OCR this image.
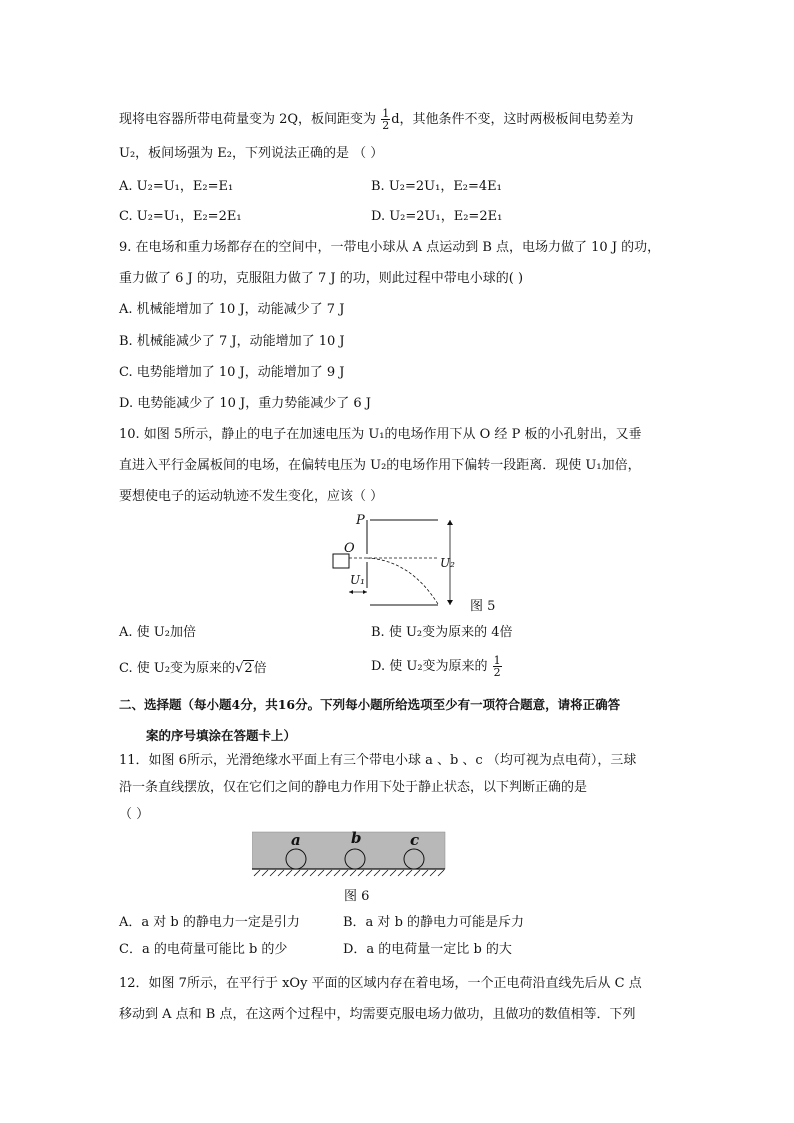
现将电容器所带电荷量变为 2Q，板间距变为 $\frac{1}{2}$ d，其他条件不变，这时两极板间电势差为
U₂，板间场强为 E₂，下列说法正确的是 （ ）
A. U₂=U₁，E₂=E₁	B. U₂=2U₁，E₂=4E₁
C. U₂=U₁，E₂=2E₁	D. U₂=2U₁，E₂=2E₁
9. 在电场和重力场都存在的空间中，一带电小球从 A 点运动到 B 点，电场力做了 10 J 的功，
重力做了 6 J 的功，克服阻力做了 7 J 的功，则此过程中带电小球的( )
A. 机械能增加了 10 J，动能减少了 7 J
B. 机械能减少了 7 J，动能增加了 10 J
C. 电势能增加了 10 J，动能增加了 9 J
D. 电势能减少了 10 J，重力势能减少了 6 J
10. 如图 5所示，静止的电子在加速电压为 U₁的电场作用下从 O 经 P 板的小孔射出，又垂
直进入平行金属板间的电场，在偏转电压为 U₂的电场作用下偏转一段距离．现使 U₁加倍，
要想使电子的运动轨迹不发生变化，应该（ ）
P
O
U₁
U₂
图 5
A. 使 U₂加倍	B. 使 U₂变为原来的 4倍
C. 使 U₂变为原来的√2倍	D. 使 U₂变为原来的 $\frac{1}{2}$
二、选择题（每小题4分，共16分。下列每小题所给选项至少有一项符合题意，请将正确答
案的序号填涂在答题卡上）
11．如图 6所示，光滑绝缘水平面上有三个带电小球 a 、b 、c （均可视为点电荷），三球
沿一条直线摆放，仅在它们之间的静电力作用下处于静止状态，以下判断正确的是
（ ）
a	b	c
图 6
A．a 对 b 的静电力一定是引力	B．a 对 b 的静电力可能是斥力
C．a 的电荷量可能比 b 的少	D．a 的电荷量一定比 b 的大
12．如图 7所示，在平行于 xOy 平面的区域内存在着电场，一个正电荷沿直线先后从 C 点
移动到 A 点和 B 点，在这两个过程中，均需要克服电场力做功，且做功的数值相等．下列
